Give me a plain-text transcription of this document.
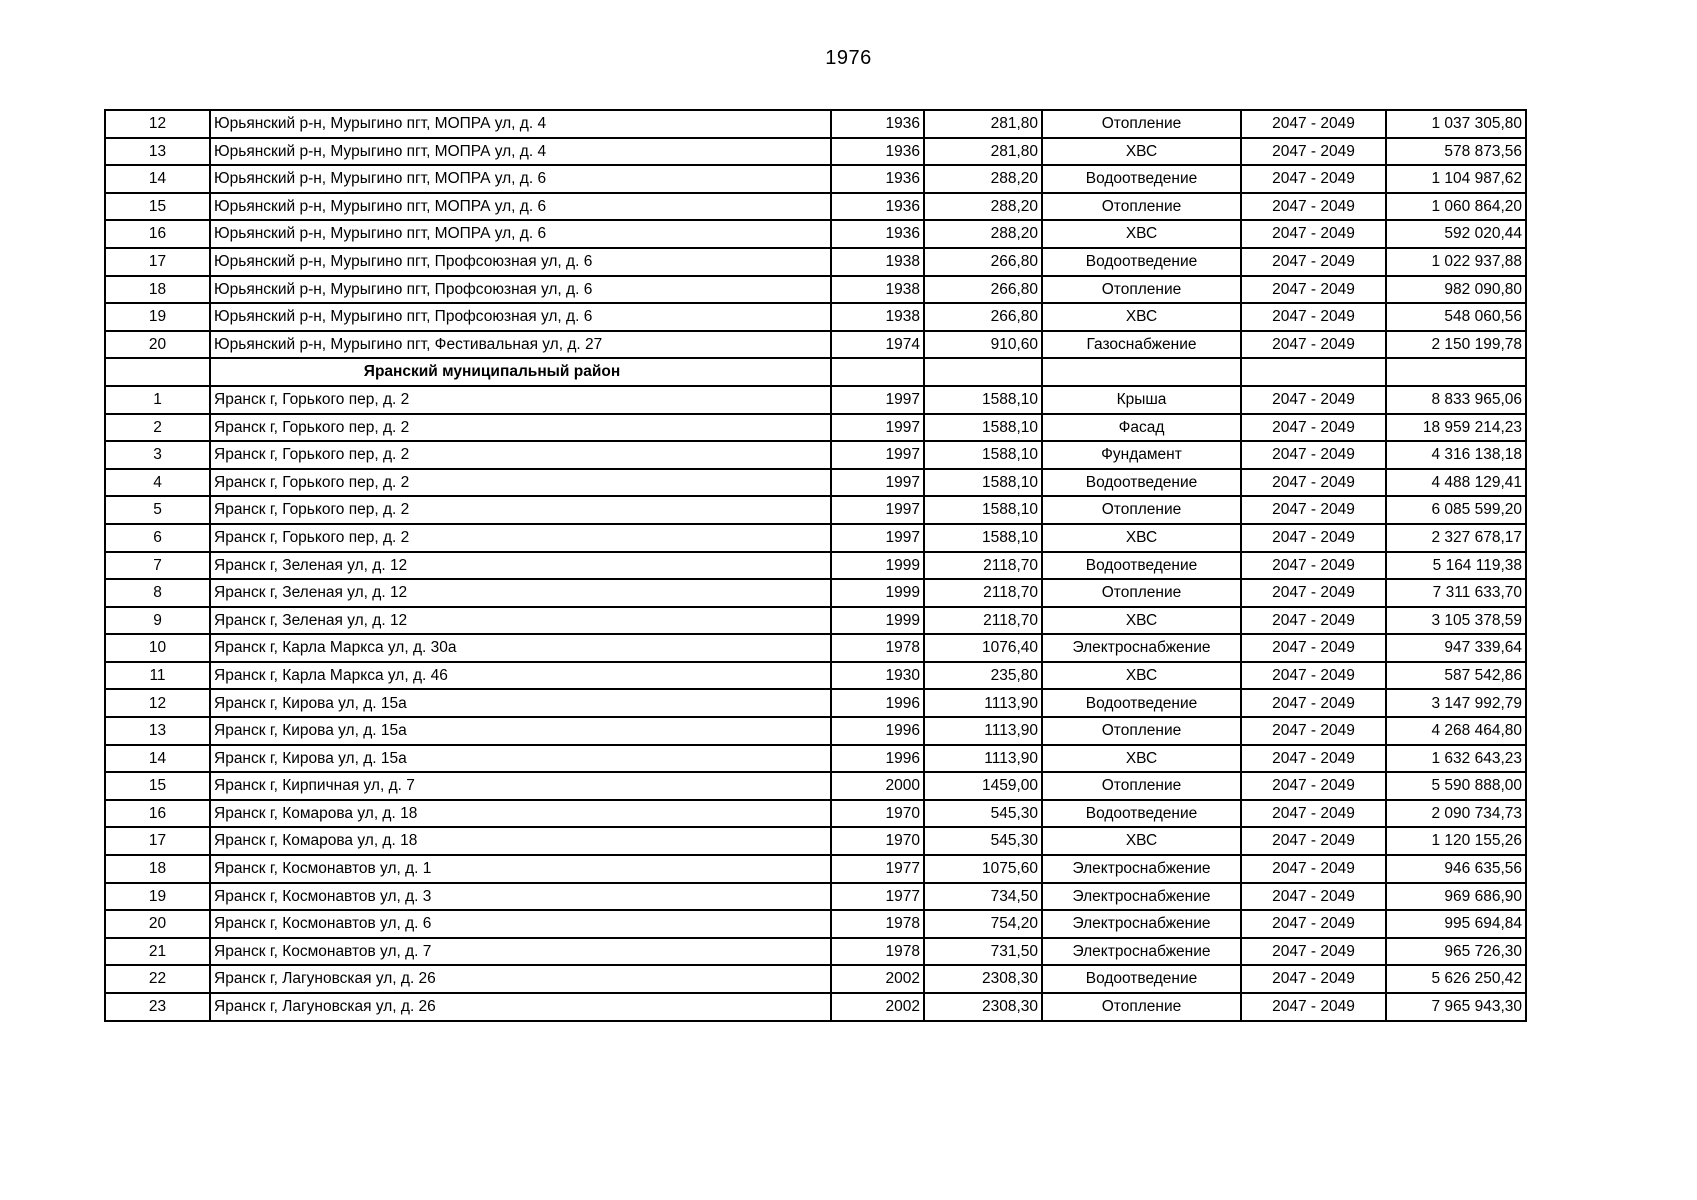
1976
12	Юрьянский р-н, Мурыгино пгт, МОПРА ул, д. 4	1936	281,80	Отопление	2047 - 2049	1 037 305,80
13	Юрьянский р-н, Мурыгино пгт, МОПРА ул, д. 4	1936	281,80	ХВС	2047 - 2049	578 873,56
14	Юрьянский р-н, Мурыгино пгт, МОПРА ул, д. 6	1936	288,20	Водоотведение	2047 - 2049	1 104 987,62
15	Юрьянский р-н, Мурыгино пгт, МОПРА ул, д. 6	1936	288,20	Отопление	2047 - 2049	1 060 864,20
16	Юрьянский р-н, Мурыгино пгт, МОПРА ул, д. 6	1936	288,20	ХВС	2047 - 2049	592 020,44
17	Юрьянский р-н, Мурыгино пгт, Профсоюзная ул, д. 6	1938	266,80	Водоотведение	2047 - 2049	1 022 937,88
18	Юрьянский р-н, Мурыгино пгт, Профсоюзная ул, д. 6	1938	266,80	Отопление	2047 - 2049	982 090,80
19	Юрьянский р-н, Мурыгино пгт, Профсоюзная ул, д. 6	1938	266,80	ХВС	2047 - 2049	548 060,56
20	Юрьянский р-н, Мурыгино пгт, Фестивальная ул, д. 27	1974	910,60	Газоснабжение	2047 - 2049	2 150 199,78
	Яранский муниципальный район					
1	Яранск г, Горького пер, д. 2	1997	1588,10	Крыша	2047 - 2049	8 833 965,06
2	Яранск г, Горького пер, д. 2	1997	1588,10	Фасад	2047 - 2049	18 959 214,23
3	Яранск г, Горького пер, д. 2	1997	1588,10	Фундамент	2047 - 2049	4 316 138,18
4	Яранск г, Горького пер, д. 2	1997	1588,10	Водоотведение	2047 - 2049	4 488 129,41
5	Яранск г, Горького пер, д. 2	1997	1588,10	Отопление	2047 - 2049	6 085 599,20
6	Яранск г, Горького пер, д. 2	1997	1588,10	ХВС	2047 - 2049	2 327 678,17
7	Яранск г, Зеленая ул, д. 12	1999	2118,70	Водоотведение	2047 - 2049	5 164 119,38
8	Яранск г, Зеленая ул, д. 12	1999	2118,70	Отопление	2047 - 2049	7 311 633,70
9	Яранск г, Зеленая ул, д. 12	1999	2118,70	ХВС	2047 - 2049	3 105 378,59
10	Яранск г, Карла Маркса ул, д. 30а	1978	1076,40	Электроснабжение	2047 - 2049	947 339,64
11	Яранск г, Карла Маркса ул, д. 46	1930	235,80	ХВС	2047 - 2049	587 542,86
12	Яранск г, Кирова ул, д. 15а	1996	1113,90	Водоотведение	2047 - 2049	3 147 992,79
13	Яранск г, Кирова ул, д. 15а	1996	1113,90	Отопление	2047 - 2049	4 268 464,80
14	Яранск г, Кирова ул, д. 15а	1996	1113,90	ХВС	2047 - 2049	1 632 643,23
15	Яранск г, Кирпичная ул, д. 7	2000	1459,00	Отопление	2047 - 2049	5 590 888,00
16	Яранск г, Комарова ул, д. 18	1970	545,30	Водоотведение	2047 - 2049	2 090 734,73
17	Яранск г, Комарова ул, д. 18	1970	545,30	ХВС	2047 - 2049	1 120 155,26
18	Яранск г, Космонавтов ул, д. 1	1977	1075,60	Электроснабжение	2047 - 2049	946 635,56
19	Яранск г, Космонавтов ул, д. 3	1977	734,50	Электроснабжение	2047 - 2049	969 686,90
20	Яранск г, Космонавтов ул, д. 6	1978	754,20	Электроснабжение	2047 - 2049	995 694,84
21	Яранск г, Космонавтов ул, д. 7	1978	731,50	Электроснабжение	2047 - 2049	965 726,30
22	Яранск г, Лагуновская ул, д. 26	2002	2308,30	Водоотведение	2047 - 2049	5 626 250,42
23	Яранск г, Лагуновская ул, д. 26	2002	2308,30	Отопление	2047 - 2049	7 965 943,30
